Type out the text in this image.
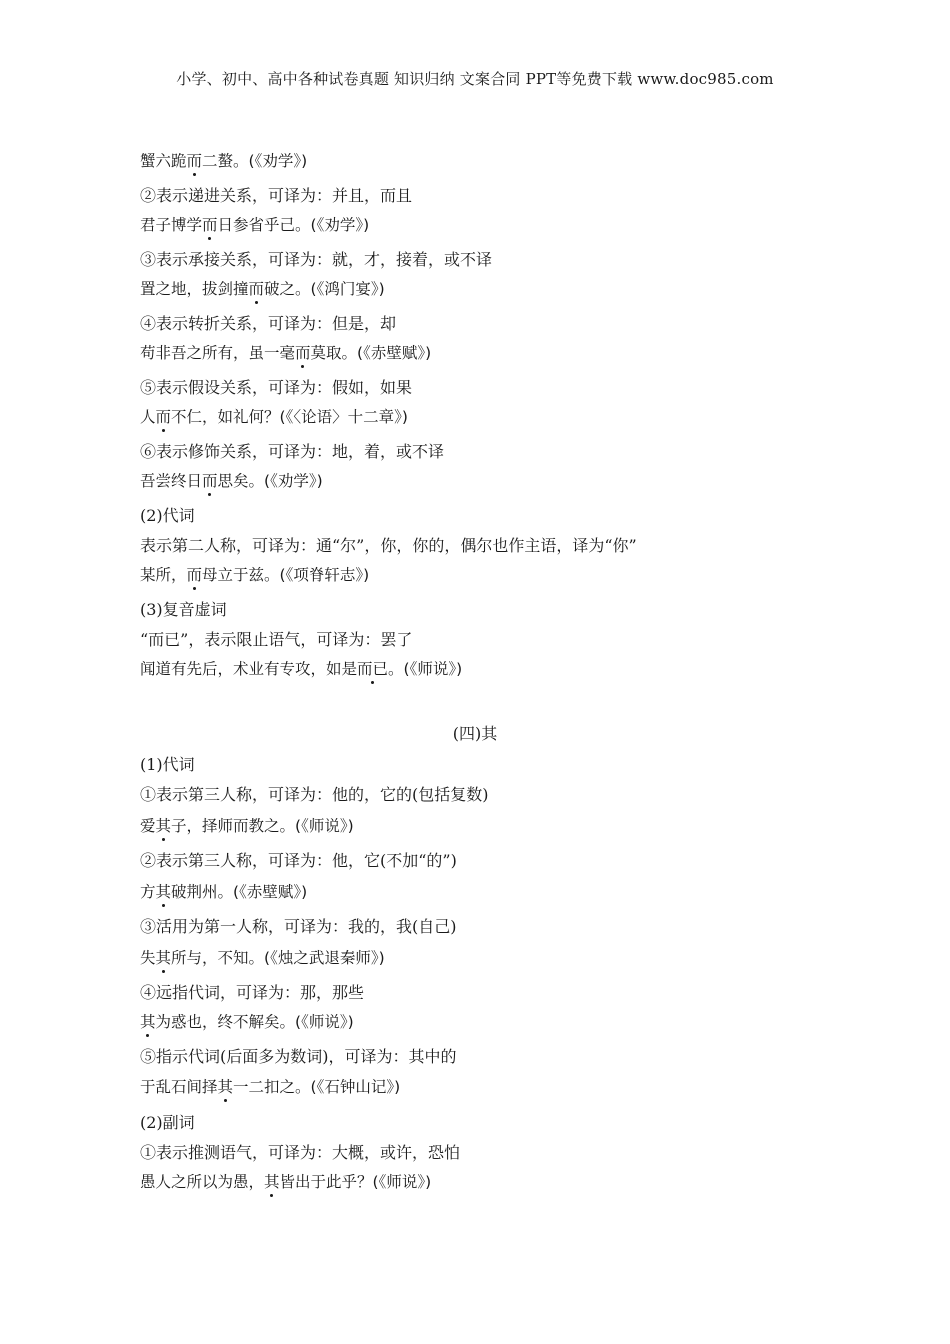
小学、初中、高中各种试卷真题 知识归纳 文案合同 PPT等免费下载 www.doc985.com
蟹六跪而二螯。(《劝学》)
②表示递进关系，可译为：并且，而且
君子博学而日参省乎己。(《劝学》)
③表示承接关系，可译为：就，才，接着，或不译
置之地，拔剑撞而破之。(《鸿门宴》)
④表示转折关系，可译为：但是，却
苟非吾之所有，虽一毫而莫取。(《赤壁赋》)
⑤表示假设关系，可译为：假如，如果
人而不仁，如礼何？(《〈论语〉十二章》)
⑥表示修饰关系，可译为：地，着，或不译
吾尝终日而思矣。(《劝学》)
(2)代词
表示第二人称，可译为：通“尔”，你，你的，偶尔也作主语，译为“你”
某所，而母立于兹。(《项脊轩志》)
(3)复音虚词
“而已”，表示限止语气，可译为：罢了
闻道有先后，术业有专攻，如是而已。(《师说》)
(四)其
(1)代词
①表示第三人称，可译为：他的，它的(包括复数)
爱其子，择师而教之。(《师说》)
②表示第三人称，可译为：他，它(不加“的”)
方其破荆州。(《赤壁赋》)
③活用为第一人称，可译为：我的，我(自己)
失其所与，不知。(《烛之武退秦师》)
④远指代词，可译为：那，那些
其为惑也，终不解矣。(《师说》)
⑤指示代词(后面多为数词)，可译为：其中的
于乱石间择其一二扣之。(《石钟山记》)
(2)副词
①表示推测语气，可译为：大概，或许，恐怕
愚人之所以为愚，其皆出于此乎？(《师说》)
